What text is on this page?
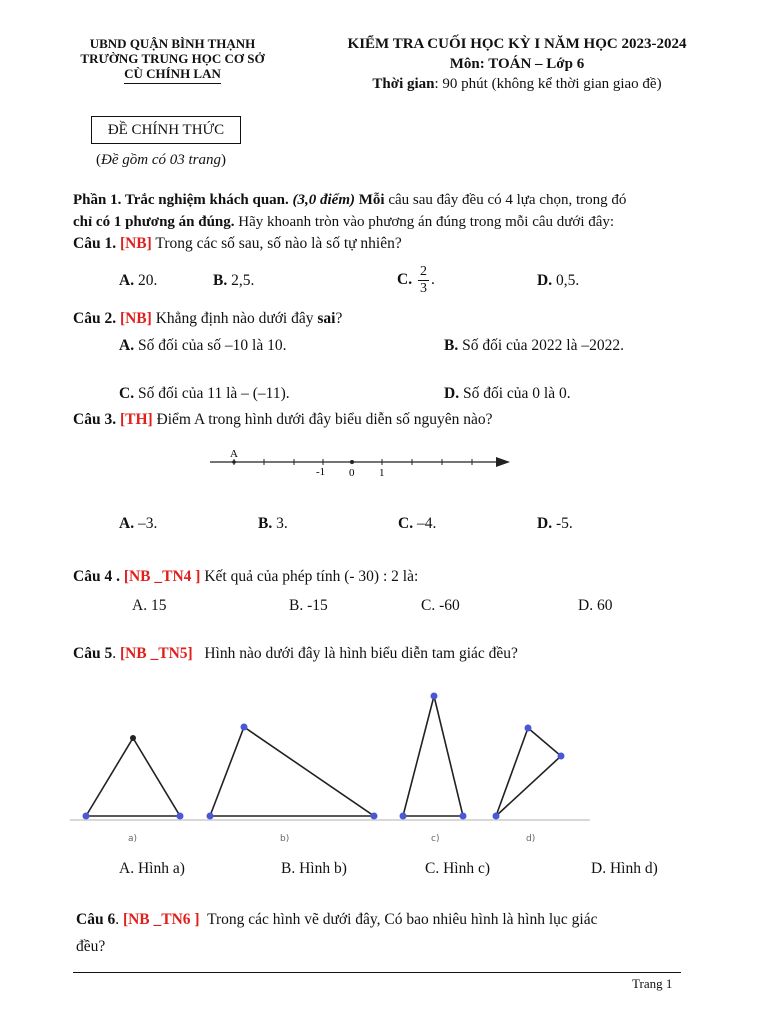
UBND QUẬN BÌNH THẠNH
TRƯỜNG TRUNG HỌC CƠ SỞ
CÙ CHÍNH LAN
KIỂM TRA CUỐI HỌC KỲ I NĂM HỌC 2023-2024
Môn: TOÁN – Lớp 6
Thời gian: 90 phút (không kể thời gian giao đề)
ĐỀ CHÍNH THỨC
(Đề gồm có 03 trang)
Phần 1. Trắc nghiệm khách quan. (3,0 điểm) Mỗi câu sau đây đều có 4 lựa chọn, trong đó
chỉ có 1 phương án đúng. Hãy khoanh tròn vào phương án đúng trong mỗi câu dưới đây:
Câu 1. [NB] Trong các số sau, số nào là số tự nhiên?
A. 20.	B. 2,5.	C. $\frac{2}{3}$ .	D. 0,5.
Câu 2. [NB] Khẳng định nào dưới đây sai?
A. Số đối của số –10 là 10.	B. Số đối của 2022 là –2022.
C. Số đối của 11 là – (–11).	D. Số đối của 0 là 0.
Câu 3. [TH] Điểm A trong hình dưới đây biểu diễn số nguyên nào?
A
-1 0 1
A. –3.	B. 3.	C. –4.	D. -5.
Câu 4 . [NB _TN4 ] Kết quả của phép tính (- 30) : 2 là:
A. 15	B. -15	C. -60	D. 60
Câu 5. [NB _TN5] Hình nào dưới đây là hình biểu diễn tam giác đều?
a)	b)	c)	d)
A. Hình a)	B. Hình b)	C. Hình c)	D. Hình d)
Câu 6. [NB _TN6 ] Trong các hình vẽ dưới đây, Có bao nhiêu hình là hình lục giác
đều?
Trang 1
